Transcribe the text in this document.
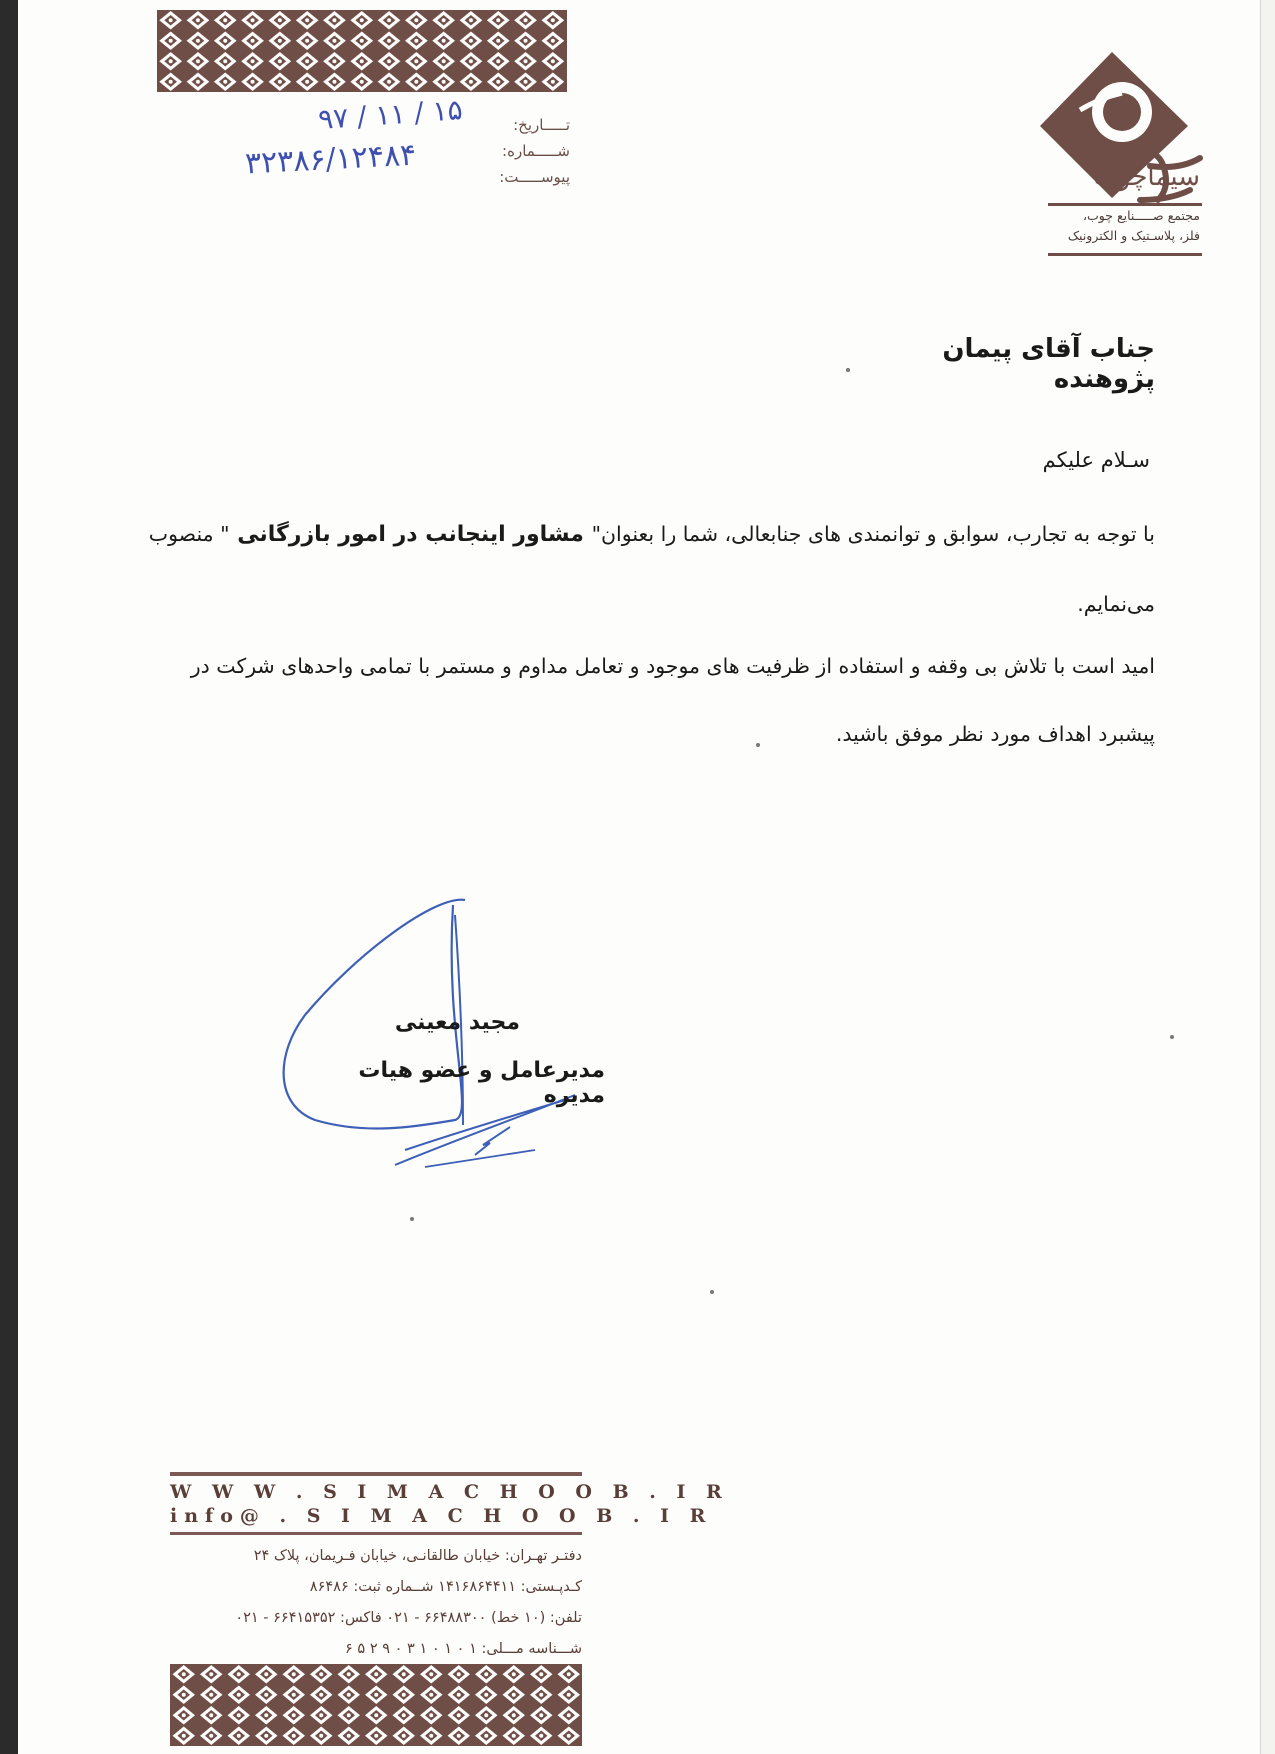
تـــــاریخ:
شـــــماره:
پیوســـــت:
۹۷ / ۱۱ / ۱۵
۳۲۳۸۶/۱۲۴۸۴	سیماچوب
مجتمع صـــــنایع چوب،
فلز، پلاسـتیک و الکترونیک
جناب آقای پیمان پژوهنده
سـلام علیکم
با توجه به تجارب، سوابق و توانمندی های جنابعالی، شما را بعنوان" مشاور اینجانب در امور بازرگانی " منصوب
می‌نمایم.
امید است با تلاش بی وقفه و استفاده از ظرفیت های موجود و تعامل مداوم و مستمر با تمامی واحدهای شرکت در
پیشبرد اهداف مورد نظر موفق باشید.
مجید معینی
مدیرعامل و عضو هیات مدیره
W W W . S I M A C H O O B . I R
info@ . S I M A C H O O B . I R
دفتـر تهـران: خیابان طالقانـی، خیابان فـریمان، پلاک ۲۴
کـدپـستی: ۱۴۱۶۸۶۴۴۱۱ شــماره ثبت: ۸۶۴۸۶
تلفن: (۱۰ خط) ۶۶۴۸۸۳۰۰ - ۰۲۱ فاکس: ۶۶۴۱۵۳۵۲ - ۰۲۱
شـــناسه مـــلی: ۱ ۰ ۱ ۰ ۱ ۳ ۰ ۹ ۲ ۵ ۶
